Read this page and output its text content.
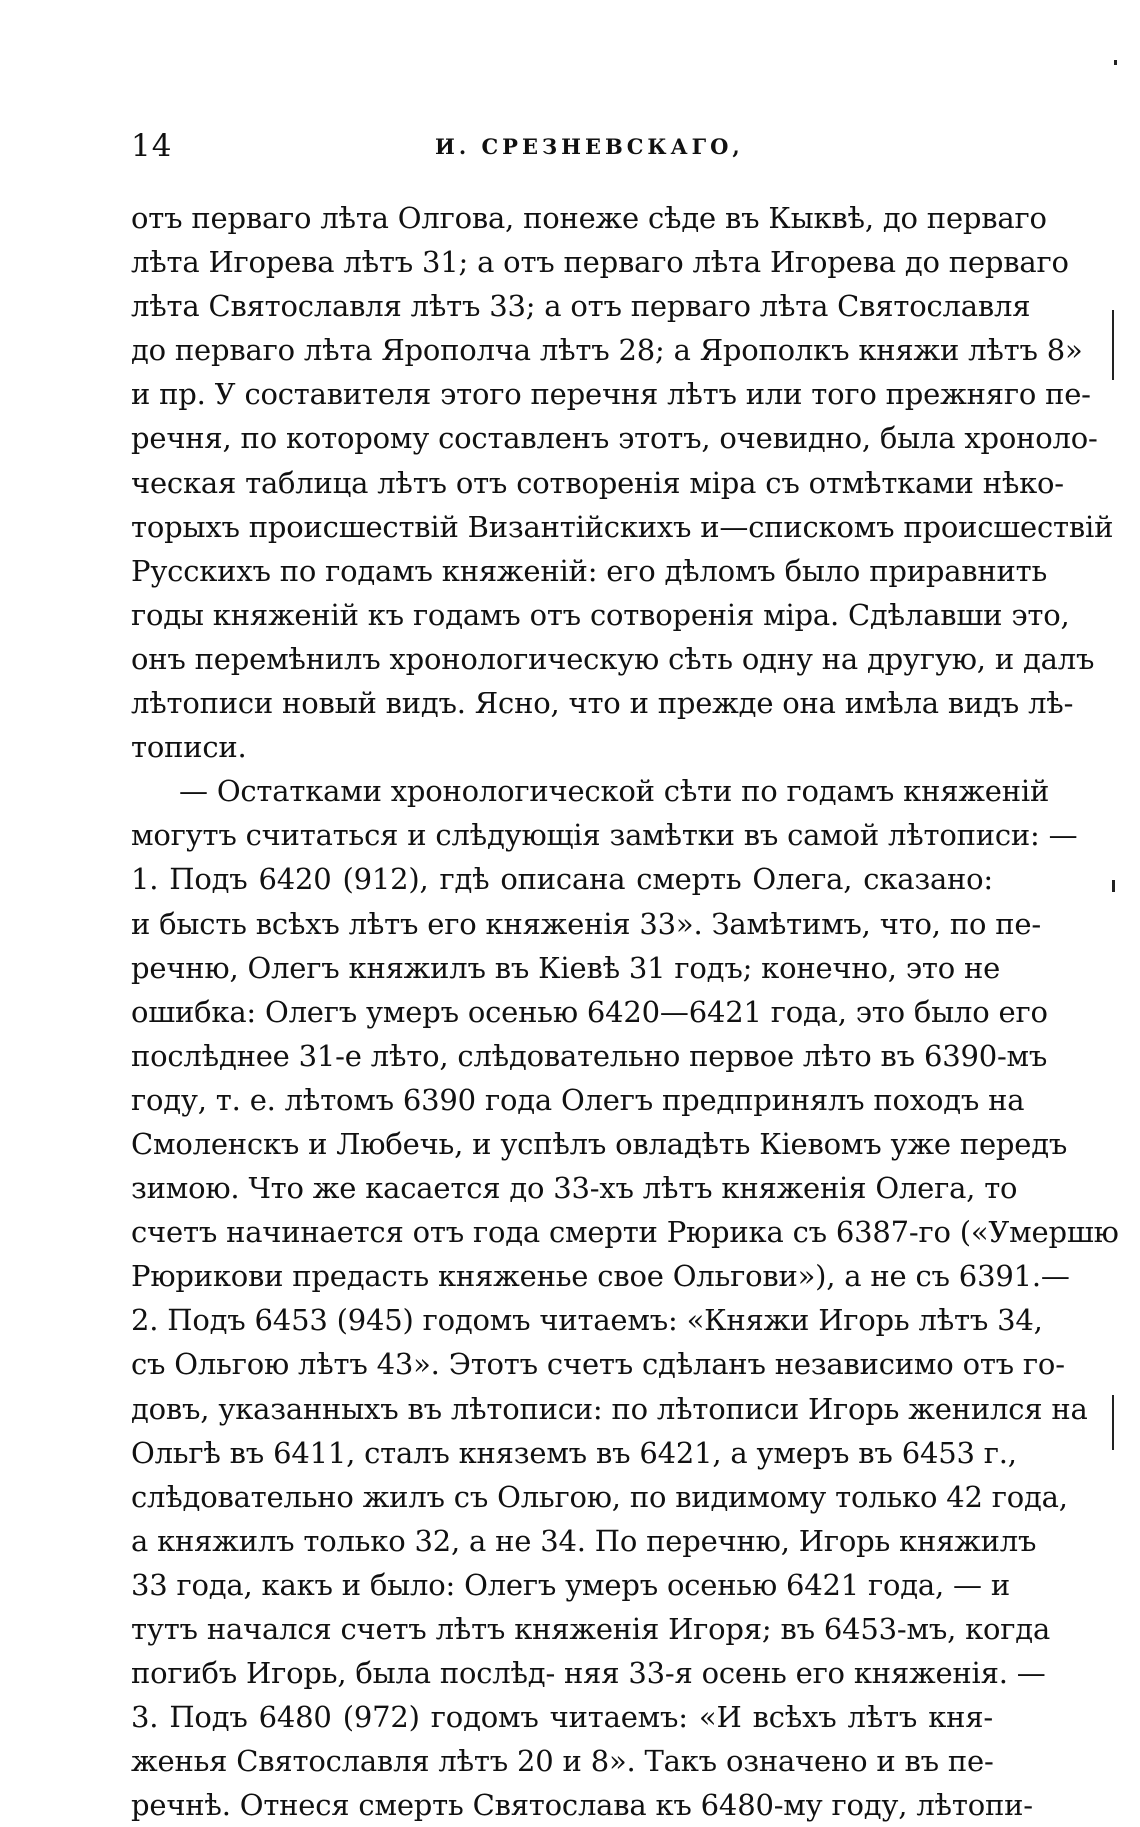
14	И. СРЕЗНЕВСКАГО,
отъ перваго лѣта Олгова, понеже сѣде въ Кыквѣ, до перваго
лѣта Игорева лѣтъ 31; а отъ перваго лѣта Игорева до перваго
лѣта Святославля лѣтъ 33; а отъ перваго лѣта Святославля
до перваго лѣта Ярополча лѣтъ 28; а Ярополкъ княжи лѣтъ 8»
и пр. У составителя этого перечня лѣтъ или того прежняго пе-
речня, по которому составленъ этотъ, очевидно, была хроноло-
ческая таблица лѣтъ отъ сотворенія міра съ отмѣтками нѣко-
торыхъ происшествій Византійскихъ и—спискомъ происшествій
Русскихъ по годамъ княженій: его дѣломъ было приравнить
годы княженій къ годамъ отъ сотворенія міра. Сдѣлавши это,
онъ перемѣнилъ хронологическую сѣть одну на другую, и далъ
лѣтописи новый видъ. Ясно, что и прежде она имѣла видъ лѣ-
тописи.
— Остатками хронологической сѣти по годамъ княженій
могутъ считаться и слѣдующія замѣтки въ самой лѣтописи: —
1. Подъ 6420 (912), гдѣ описана смерть Олега, сказано:
и бысть всѣхъ лѣтъ его княженія 33». Замѣтимъ, что, по пе-
речню, Олегъ княжилъ въ Кіевѣ 31 годъ; конечно, это не
ошибка: Олегъ умеръ осенью 6420—6421 года, это было его
послѣднее 31-е лѣто, слѣдовательно первое лѣто въ 6390-мъ
году, т. е. лѣтомъ 6390 года Олегъ предпринялъ походъ на
Смоленскъ и Любечь, и успѣлъ овладѣть Кіевомъ уже передъ
зимою. Что же касается до 33-хъ лѣтъ княженія Олега, то
счетъ начинается отъ года смерти Рюрика съ 6387-го («Умершю
Рюрикови предасть княженье свое Ольгови»), а не съ 6391.—
2. Подъ 6453 (945) годомъ читаемъ: «Княжи Игорь лѣтъ 34,
съ Ольгою лѣтъ 43». Этотъ счетъ сдѣланъ независимо отъ го-
довъ, указанныхъ въ лѣтописи: по лѣтописи Игорь женился на
Ольгѣ въ 6411, сталъ княземъ въ 6421, а умеръ въ 6453 г.,
слѣдовательно жилъ съ Ольгою, по видимому только 42 года,
а княжилъ только 32, а не 34. По перечню, Игорь княжилъ
33 года, какъ и было: Олегъ умеръ осенью 6421 года, — и
тутъ начался счетъ лѣтъ княженія Игоря; въ 6453-мъ, когда
погибъ Игорь, была послѣд- няя 33-я осень его княженія. —
3. Подъ 6480 (972) годомъ читаемъ: «И всѣхъ лѣтъ кня-
женья Святославля лѣтъ 20 и 8». Такъ означено и въ пе-
речнѣ. Отнеся смерть Святослава къ 6480-му году, лѣтопи-
